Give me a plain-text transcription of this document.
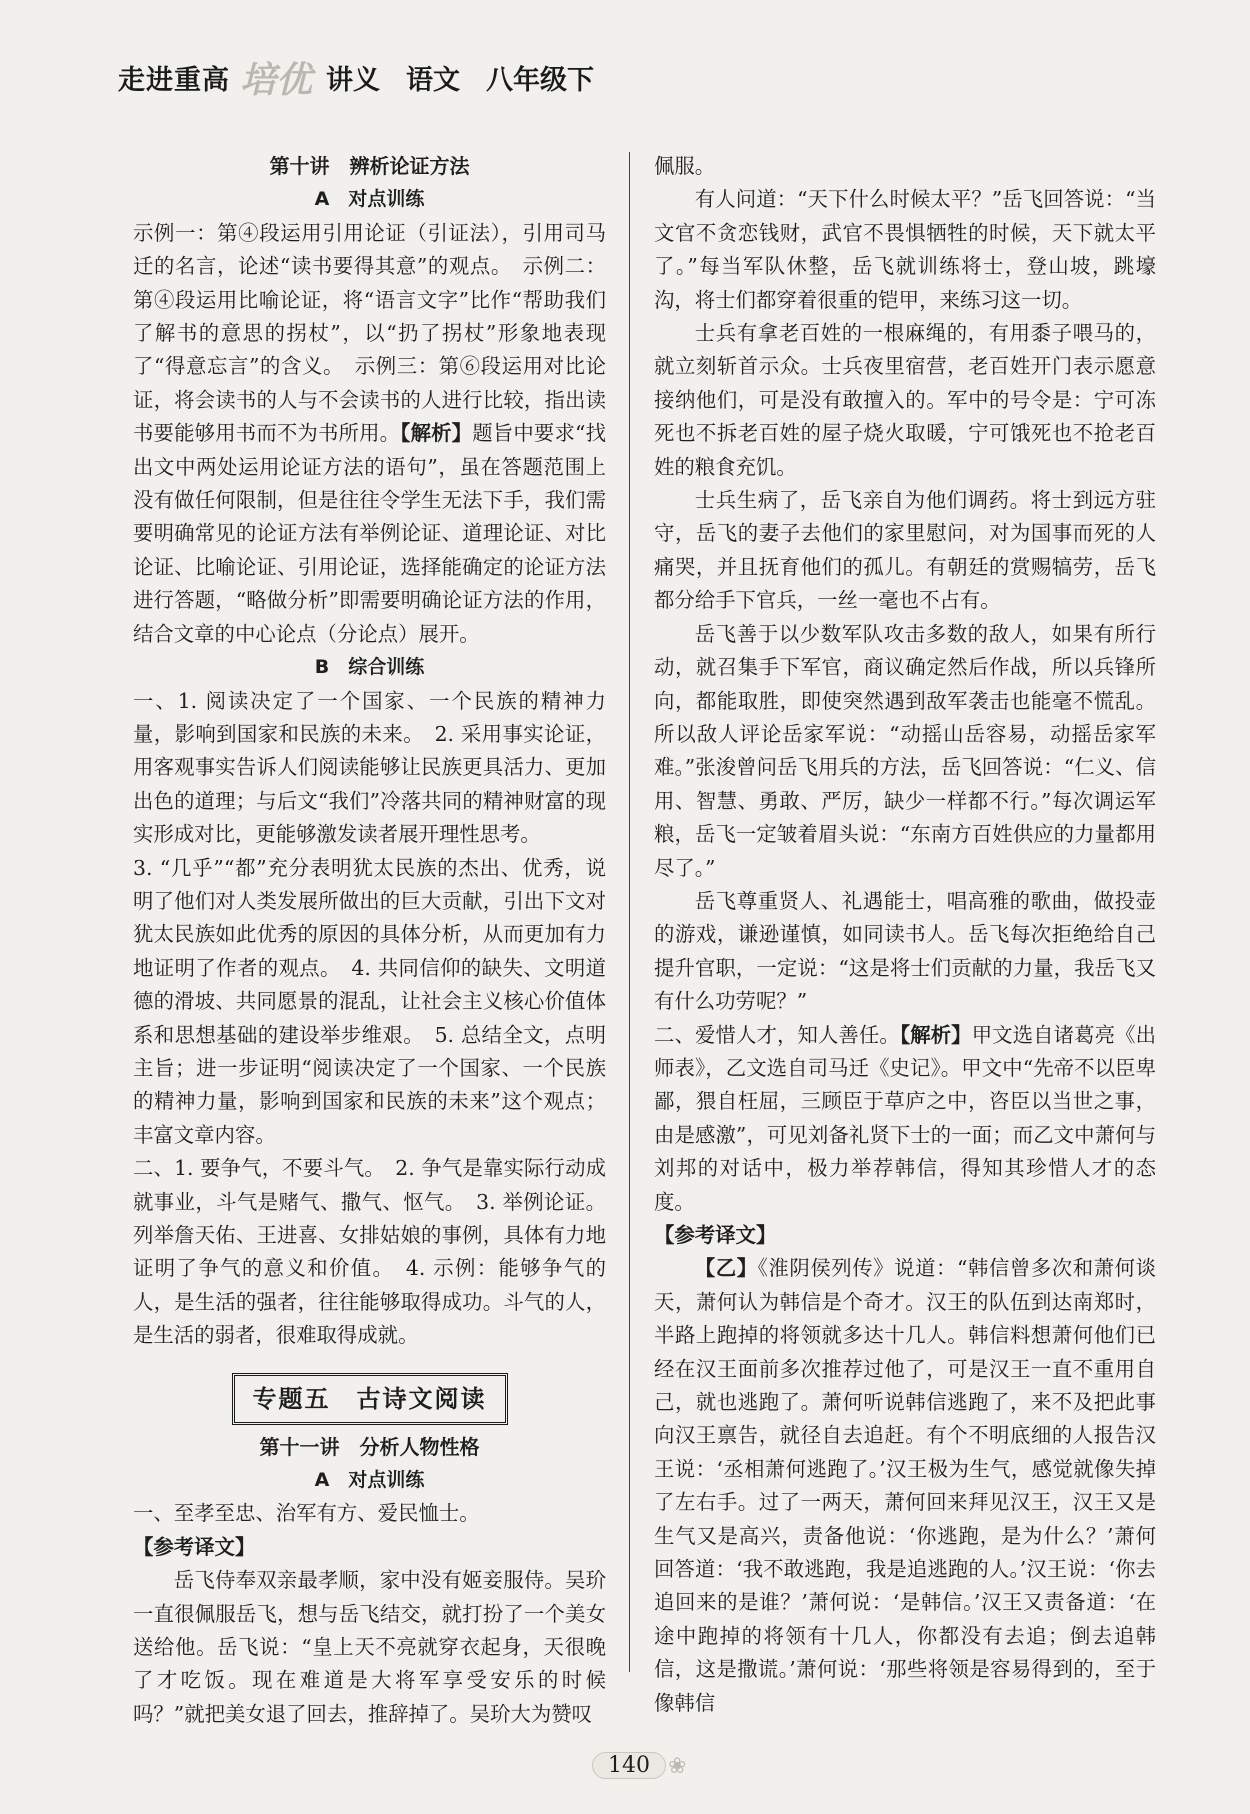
走进重高 培优 讲义 语文 八年级下

第十讲　辨析论证方法

A　对点训练

示例一：第④段运用引用论证（引证法），引用司马迁的名言，论述“读书要得其意”的观点。　示例二：第④段运用比喻论证，将“语言文字”比作“帮助我们了解书的意思的拐杖”，以“扔了拐杖”形象地表现了“得意忘言”的含义。　示例三：第⑥段运用对比论证，将会读书的人与不会读书的人进行比较，指出读书要能够用书而不为书所用。【解析】题旨中要求“找出文中两处运用论证方法的语句”，虽在答题范围上没有做任何限制，但是往往令学生无法下手，我们需要明确常见的论证方法有举例论证、道理论证、对比论证、比喻论证、引用论证，选择能确定的论证方法进行答题，“略做分析”即需要明确论证方法的作用，结合文章的中心论点（分论点）展开。

B　综合训练

一、1. 阅读决定了一个国家、一个民族的精神力量，影响到国家和民族的未来。　2. 采用事实论证，用客观事实告诉人们阅读能够让民族更具活力、更加出色的道理；与后文“我们”冷落共同的精神财富的现实形成对比，更能够激发读者展开理性思考。

3. “几乎”“都”充分表明犹太民族的杰出、优秀，说明了他们对人类发展所做出的巨大贡献，引出下文对犹太民族如此优秀的原因的具体分析，从而更加有力地证明了作者的观点。　4. 共同信仰的缺失、文明道德的滑坡、共同愿景的混乱，让社会主义核心价值体系和思想基础的建设举步维艰。　5. 总结全文，点明主旨；进一步证明“阅读决定了一个国家、一个民族的精神力量，影响到国家和民族的未来”这个观点；丰富文章内容。

二、1. 要争气，不要斗气。　2. 争气是靠实际行动成就事业，斗气是赌气、撒气、怄气。　3. 举例论证。列举詹天佑、王进喜、女排姑娘的事例，具体有力地证明了争气的意义和价值。　4. 示例：能够争气的人，是生活的强者，往往能够取得成功。斗气的人，是生活的弱者，很难取得成就。

专题五　古诗文阅读

第十一讲　分析人物性格

A　对点训练

一、至孝至忠、治军有方、爱民恤士。

【参考译文】

岳飞侍奉双亲最孝顺，家中没有姬妾服侍。吴玠一直很佩服岳飞，想与岳飞结交，就打扮了一个美女送给他。岳飞说：“皇上天不亮就穿衣起身，天很晚了才吃饭。现在难道是大将军享受安乐的时候吗？”就把美女退了回去，推辞掉了。吴玠大为赞叹

佩服。

有人问道：“天下什么时候太平？”岳飞回答说：“当文官不贪恋钱财，武官不畏惧牺牲的时候，天下就太平了。”每当军队休整，岳飞就训练将士，登山坡，跳壕沟，将士们都穿着很重的铠甲，来练习这一切。

士兵有拿老百姓的一根麻绳的，有用黍子喂马的，就立刻斩首示众。士兵夜里宿营，老百姓开门表示愿意接纳他们，可是没有敢擅入的。军中的号令是：宁可冻死也不拆老百姓的屋子烧火取暖，宁可饿死也不抢老百姓的粮食充饥。

士兵生病了，岳飞亲自为他们调药。将士到远方驻守，岳飞的妻子去他们的家里慰问，对为国事而死的人痛哭，并且抚育他们的孤儿。有朝廷的赏赐犒劳，岳飞都分给手下官兵，一丝一毫也不占有。

岳飞善于以少数军队攻击多数的敌人，如果有所行动，就召集手下军官，商议确定然后作战，所以兵锋所向，都能取胜，即使突然遇到敌军袭击也能毫不慌乱。所以敌人评论岳家军说：“动摇山岳容易，动摇岳家军难。”张浚曾问岳飞用兵的方法，岳飞回答说：“仁义、信用、智慧、勇敢、严厉，缺少一样都不行。”每次调运军粮，岳飞一定皱着眉头说：“东南方百姓供应的力量都用尽了。”

岳飞尊重贤人、礼遇能士，唱高雅的歌曲，做投壶的游戏，谦逊谨慎，如同读书人。岳飞每次拒绝给自己提升官职，一定说：“这是将士们贡献的力量，我岳飞又有什么功劳呢？”

二、爱惜人才，知人善任。【解析】甲文选自诸葛亮《出师表》，乙文选自司马迁《史记》。甲文中“先帝不以臣卑鄙，猥自枉屈，三顾臣于草庐之中，咨臣以当世之事，由是感激”，可见刘备礼贤下士的一面；而乙文中萧何与刘邦的对话中，极力举荐韩信，得知其珍惜人才的态度。

【参考译文】

【乙】《淮阴侯列传》说道：“韩信曾多次和萧何谈天，萧何认为韩信是个奇才。汉王的队伍到达南郑时，半路上跑掉的将领就多达十几人。韩信料想萧何他们已经在汉王面前多次推荐过他了，可是汉王一直不重用自己，就也逃跑了。萧何听说韩信逃跑了，来不及把此事向汉王禀告，就径自去追赶。有个不明底细的人报告汉王说：‘丞相萧何逃跑了。’汉王极为生气，感觉就像失掉了左右手。过了一两天，萧何回来拜见汉王，汉王又是生气又是高兴，责备他说：‘你逃跑，是为什么？’萧何回答道：‘我不敢逃跑，我是追逃跑的人。’汉王说：‘你去追回来的是谁？’萧何说：‘是韩信。’汉王又责备道：‘在途中跑掉的将领有十几人，你都没有去追；倒去追韩信，这是撒谎。’萧何说：‘那些将领是容易得到的，至于像韩信

140 ❀
